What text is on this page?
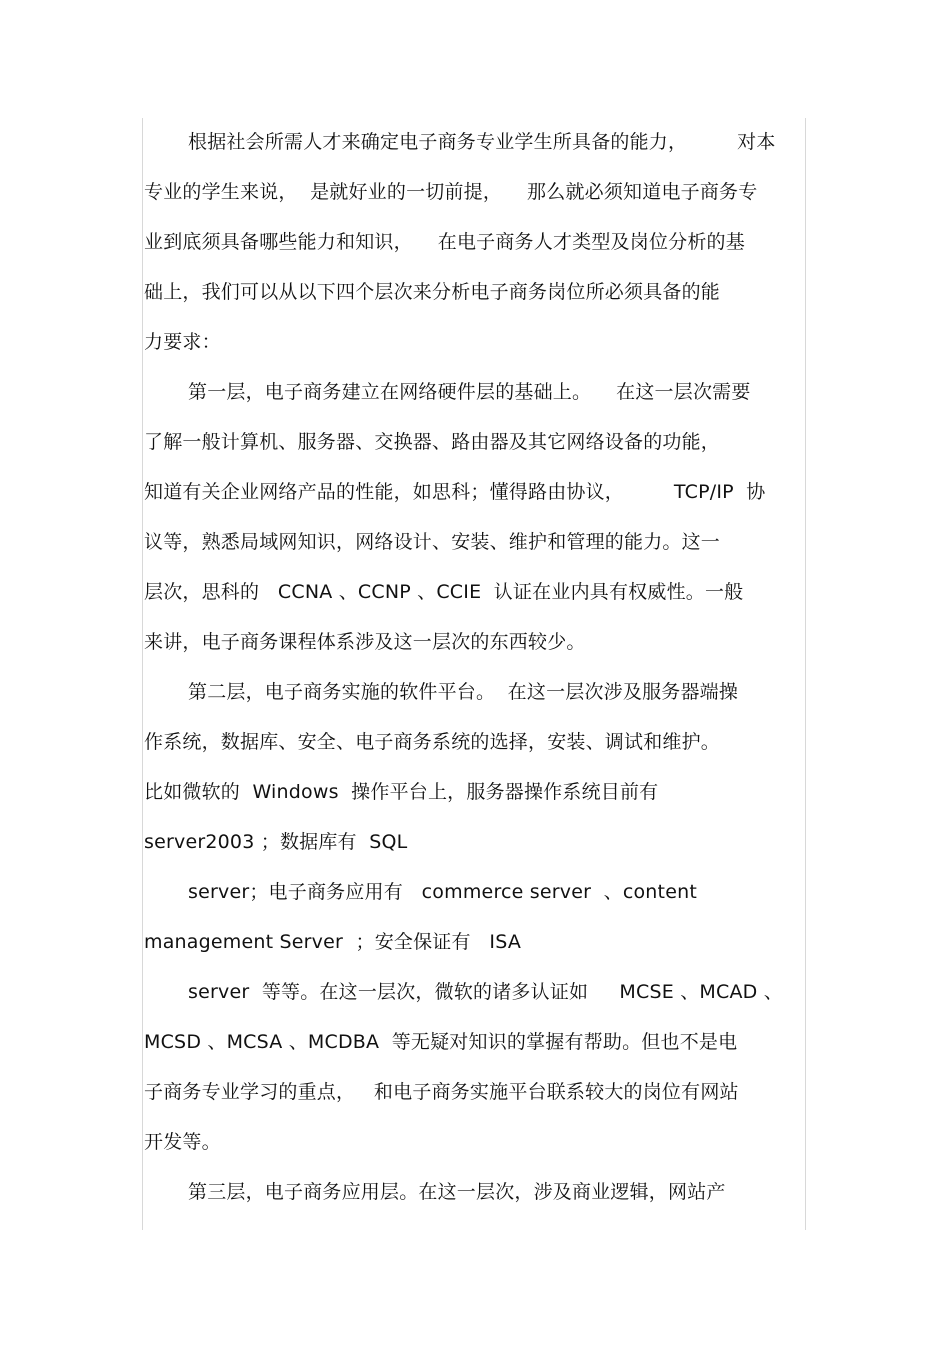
根据社会所需人才来确定电子商务专业学生所具备的能力，        对本
专业的学生来说，  是就好业的一切前提，    那么就必须知道电子商务专
业到底须具备哪些能力和知识，    在电子商务人才类型及岗位分析的基
础上，我们可以从以下四个层次来分析电子商务岗位所必须具备的能
力要求：
第一层，电子商务建立在网络硬件层的基础上。    在这一层次需要
了解一般计算机、服务器、交换器、路由器及其它网络设备的功能，
知道有关企业网络产品的性能，如思科；懂得路由协议，        TCP/IP  协
议等，熟悉局域网知识，网络设计、安装、维护和管理的能力。这一
层次，思科的   CCNA 、CCNP 、CCIE  认证在业内具有权威性。一般
来讲，电子商务课程体系涉及这一层次的东西较少。
第二层，电子商务实施的软件平台。  在这一层次涉及服务器端操
作系统，数据库、安全、电子商务系统的选择，安装、调试和维护。
比如微软的  Windows  操作平台上，服务器操作系统目前有
server2003 ；数据库有  SQL
server；电子商务应用有   commerce server  、content
management Server  ；安全保证有   ISA
server  等等。在这一层次，微软的诸多认证如     MCSE 、MCAD 、
MCSD 、MCSA 、MCDBA  等无疑对知识的掌握有帮助。但也不是电
子商务专业学习的重点，   和电子商务实施平台联系较大的岗位有网站
开发等。
第三层，电子商务应用层。在这一层次，涉及商业逻辑，网站产
